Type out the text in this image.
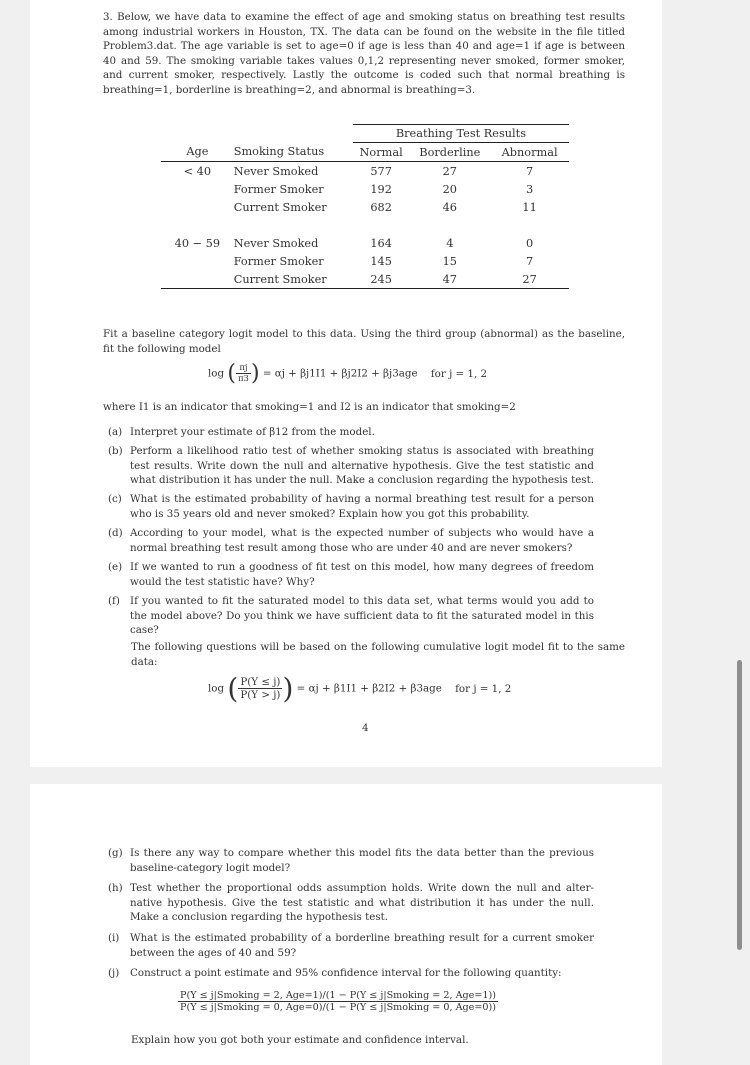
3. Below, we have data to examine the effect of age and smoking status on breathing test results among industrial workers in Houston, TX. The data can be found on the website in the file titled Problem3.dat. The age variable is set to age=0 if age is less than 40 and age=1 if age is between 40 and 59. The smoking variable takes values 0,1,2 representing never smoked, former smoker, and current smoker, respectively. Lastly the outcome is coded such that normal breathing is breathing=1, borderline is breathing=2, and abnormal is breathing=3.
		Breathing Test Results		
Age	Smoking Status	Normal	Borderline	Abnormal
< 40	Never Smoked	577	27	7
	Former Smoker	192	20	3
	Current Smoker	682	46	11

40 − 59	Never Smoked	164	4	0
	Former Smoker	145	15	7
	Current Smoker	245	47	27
Fit a baseline category logit model to this data. Using the third group (abnormal) as the baseline, fit the following model
log ( $\frac{\pi j}{\pi 3}$ ) = αj + βj1I1 + βj2I2 + βj3age for j = 1, 2
where I1 is an indicator that smoking=1 and I2 is an indicator that smoking=2
(a) Interpret your estimate of β12 from the model.
(b) Perform a likelihood ratio test of whether smoking status is associated with breathing test results. Write down the null and alternative hypothesis. Give the test statistic and what distribution it has under the null. Make a conclusion regarding the hypothesis test.
(c) What is the estimated probability of having a normal breathing test result for a person who is 35 years old and never smoked? Explain how you got this probability.
(d) According to your model, what is the expected number of subjects who would have a normal breathing test result among those who are under 40 and are never smokers?
(e) If we wanted to run a goodness of fit test on this model, how many degrees of freedom would the test statistic have? Why?
(f) If you wanted to fit the saturated model to this data set, what terms would you add to the model above? Do you think we have sufficient data to fit the saturated model in this case?
The following questions will be based on the following cumulative logit model fit to the same data:
log ( $\frac{P(Y \le j)}{P(Y > j)}$ ) = αj + β1I1 + β2I2 + β3age for j = 1, 2
4
(g) Is there any way to compare whether this model fits the data better than the previous baseline-category logit model?
(h) Test whether the proportional odds assumption holds. Write down the null and alter- native hypothesis. Give the test statistic and what distribution it has under the null. Make a conclusion regarding the hypothesis test.
(i) What is the estimated probability of a borderline breathing result for a current smoker between the ages of 40 and 59?
(j) Construct a point estimate and 95% confidence interval for the following quantity:
P(Y ≤ j|Smoking = 2, Age=1)/(1 − P(Y ≤ j|Smoking = 2, Age=1))
P(Y ≤ j|Smoking = 0, Age=0)/(1 − P(Y ≤ j|Smoking = 0, Age=0))
Explain how you got both your estimate and confidence interval.
